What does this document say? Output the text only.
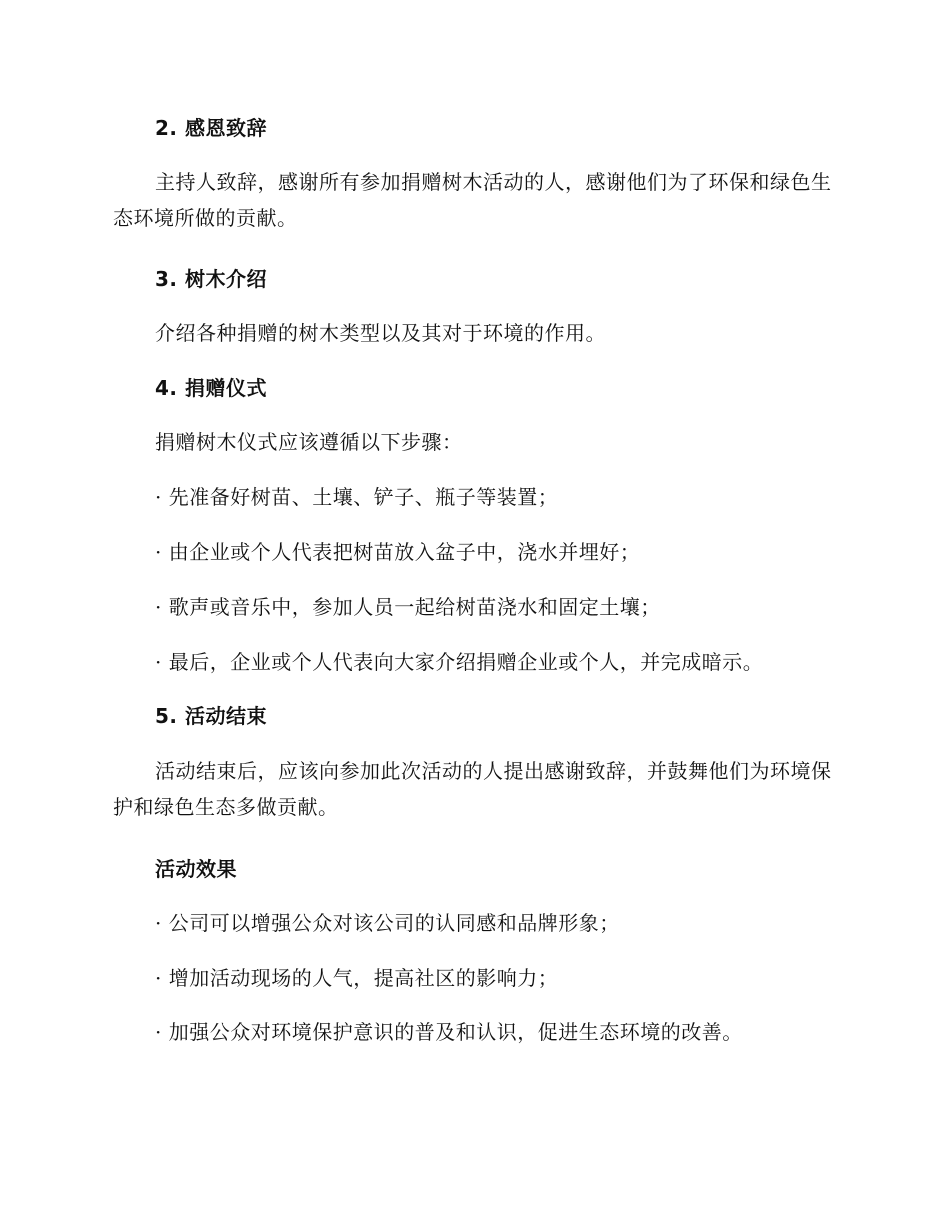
2. 感恩致辞

主持人致辞，感谢所有参加捐赠树木活动的人，感谢他们为了环保和绿色生态环境所做的贡献。

3. 树木介绍

介绍各种捐赠的树木类型以及其对于环境的作用。

4. 捐赠仪式

捐赠树木仪式应该遵循以下步骤：

· 先准备好树苗、土壤、铲子、瓶子等装置；

· 由企业或个人代表把树苗放入盆子中，浇水并埋好；

· 歌声或音乐中，参加人员一起给树苗浇水和固定土壤；

· 最后，企业或个人代表向大家介绍捐赠企业或个人，并完成暗示。

5. 活动结束

活动结束后，应该向参加此次活动的人提出感谢致辞，并鼓舞他们为环境保护和绿色生态多做贡献。

活动效果

· 公司可以增强公众对该公司的认同感和品牌形象；

· 增加活动现场的人气，提高社区的影响力；

· 加强公众对环境保护意识的普及和认识，促进生态环境的改善。
